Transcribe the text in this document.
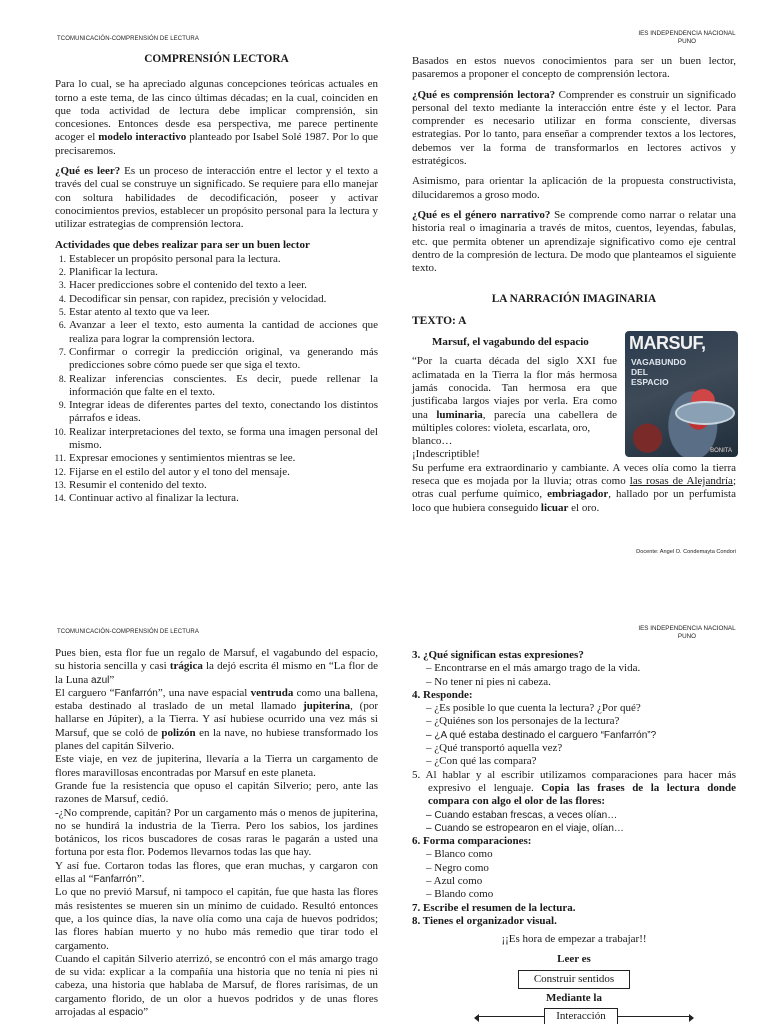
TCOMUNICACIÓN-COMPRENSIÓN DE LECTURA
IES INDEPENDENCIA NACIONAL
PUNO
COMPRENSIÓN LECTORA

Para lo cual, se ha apreciado algunas concepciones teóricas actuales en torno a este tema, de las cinco últimas décadas; en la cual, coinciden en que toda actividad de lectura debe implicar comprensión, sin concesiones. Entonces desde esa perspectiva, me parece pertinente acoger el modelo interactivo planteado por Isabel Solé 1987. Por lo que precisaremos.

¿Qué es leer? Es un proceso de interacción entre el lector y el texto a través del cual se construye un significado. Se requiere para ello manejar con soltura habilidades de decodificación, poseer y activar conocimientos previos, establecer un propósito personal para la lectura y utilizar estrategias de comprensión lectora.

Actividades que debes realizar para ser un buen lector
1. Establecer un propósito personal para la lectura.
2. Planificar la lectura.
3. Hacer predicciones sobre el contenido del texto a leer.
4. Decodificar sin pensar, con rapidez, precisión y velocidad.
5. Estar atento al texto que va leer.
6. Avanzar a leer el texto, esto aumenta la cantidad de acciones que realiza para lograr la comprensión lectora.
7. Confirmar o corregir la predicción original, va generando más predicciones sobre cómo puede ser que siga el texto.
8. Realizar inferencias conscientes. Es decir, puede rellenar la información que falte en el texto.
9. Integrar ideas de diferentes partes del texto, conectando los distintos párrafos e ideas.
10. Realizar interpretaciones del texto, se forma una imagen personal del mismo.
11. Expresar emociones y sentimientos mientras se lee.
12. Fijarse en el estilo del autor y el tono del mensaje.
13. Resumir el contenido del texto.
14. Continuar activo al finalizar la lectura.

Basados en estos nuevos conocimientos para ser un buen lector, pasaremos a proponer el concepto de comprensión lectora.

¿Qué es comprensión lectora? Comprender es construir un significado personal del texto mediante la interacción entre éste y el lector. Para comprender es necesario utilizar en forma consciente, diversas estrategias. Por lo tanto, para enseñar a comprender textos a los lectores, debemos ver la forma de transformarlos en lectores activos y estratégicos.

Asimismo, para orientar la aplicación de la propuesta constructivista, dilucidaremos a groso modo.

¿Qué es el género narrativo? Se comprende como narrar o relatar una historia real o imaginaria a través de mitos, cuentos, leyendas, fabulas, etc. que permita obtener un aprendizaje significativo como eje central dentro de la compresión de lectura. De modo que planteamos el siguiente texto.

LA NARRACIÓN IMAGINARIA
TEXTO: A
Marsuf, el vagabundo del espacio
“Por la cuarta década del siglo XXI fue aclimatada en la Tierra la flor más hermosa jamás conocida. Tan hermosa era que justificaba largos viajes por verla. Era como una luminaria, parecía una cabellera de múltiples colores: violeta, escarlata, oro,
blanco…
¡Indescriptible!
Su perfume era extraordinario y cambiante. A veces olía como la tierra reseca que es mojada por la lluvia; otras como las rosas de Alejandría; otras cual perfume químico, embriagador, hallado por un perfumista loco que hubiera conseguido licuar el oro.
MARSUF,
VAGABUNDO
DEL
ESPACIO
BONITA
Docente: Angel O. Condemayta Condori
TCOMUNICACIÓN-COMPRENSIÓN DE LECTURA	IES INDEPENDENCIA NACIONAL
PUNO
Pues bien, esta flor fue un regalo de Marsuf, el vagabundo del espacio, su historia sencilla y casi trágica la dejó escrita él mismo en “La flor de la Luna azul”
El carguero “Fanfarrón”, una nave espacial ventruda como una ballena, estaba destinado al traslado de un metal llamado jupiterina, (por hallarse en Júpiter), a la Tierra. Y así hubiese ocurrido una vez más si Marsuf, que se coló de polizón en la nave, no hubiese transformado los planes del capitán Silverio.
Este viaje, en vez de jupiterina, llevaría a la Tierra un cargamento de flores maravillosas encontradas por Marsuf en este planeta.
Grande fue la resistencia que opuso el capitán Silverio; pero, ante las razones de Marsuf, cedió.
-¿No comprende, capitán? Por un cargamento más o menos de jupiterina, no se hundirá la industria de la Tierra. Pero los sabios, los jardines botánicos, los ricos buscadores de cosas raras le pagarán a usted una fortuna por esta flor. Podemos llevarnos todas las que hay.
Y así fue. Cortaron todas las flores, que eran muchas, y cargaron con ellas al “Fanfarrón”.
Lo que no previó Marsuf, ni tampoco el capitán, fue que hasta las flores más resistentes se mueren sin un mínimo de cuidado. Resultó entonces que, a los quince días, la nave olía como una caja de huevos podridos; las flores habían muerto y no hubo más remedio que tirar todo el cargamento.
Cuando el capitán Silverio aterrizó, se encontró con el más amargo trago de su vida: explicar a la compañía una historia que no tenía ni pies ni cabeza, una historia que hablaba de Marsuf, de flores rarísimas, de un cargamento florido, de un olor a huevos podridos y de unas flores arrojadas al espacio”
3. ¿Qué significan estas expresiones?
– Encontrarse en el más amargo trago de la vida.
– No tener ni pies ni cabeza.
4. Responde:
– ¿Es posible lo que cuenta la lectura? ¿Por qué?
– ¿Quiénes son los personajes de la lectura?
– ¿A qué estaba destinado el carguero “Fanfarrón”?
– ¿Qué transportó aquella vez?
– ¿Con qué las compara?
5. Al hablar y al escribir utilizamos comparaciones para hacer más expresivo el lenguaje. Copia las frases de la lectura donde compara con algo el olor de las flores:
– Cuando estaban frescas, a veces olían…
– Cuando se estropearon en el viaje, olían…
6. Forma comparaciones:
– Blanco como
– Negro como
– Azul como
– Blando como
7. Escribe el resumen de la lectura.
8. Tienes el organizador visual.
¡¡Es hora de empezar a trabajar!!
Leer es
Construir sentidos
Mediante la
Interacción
